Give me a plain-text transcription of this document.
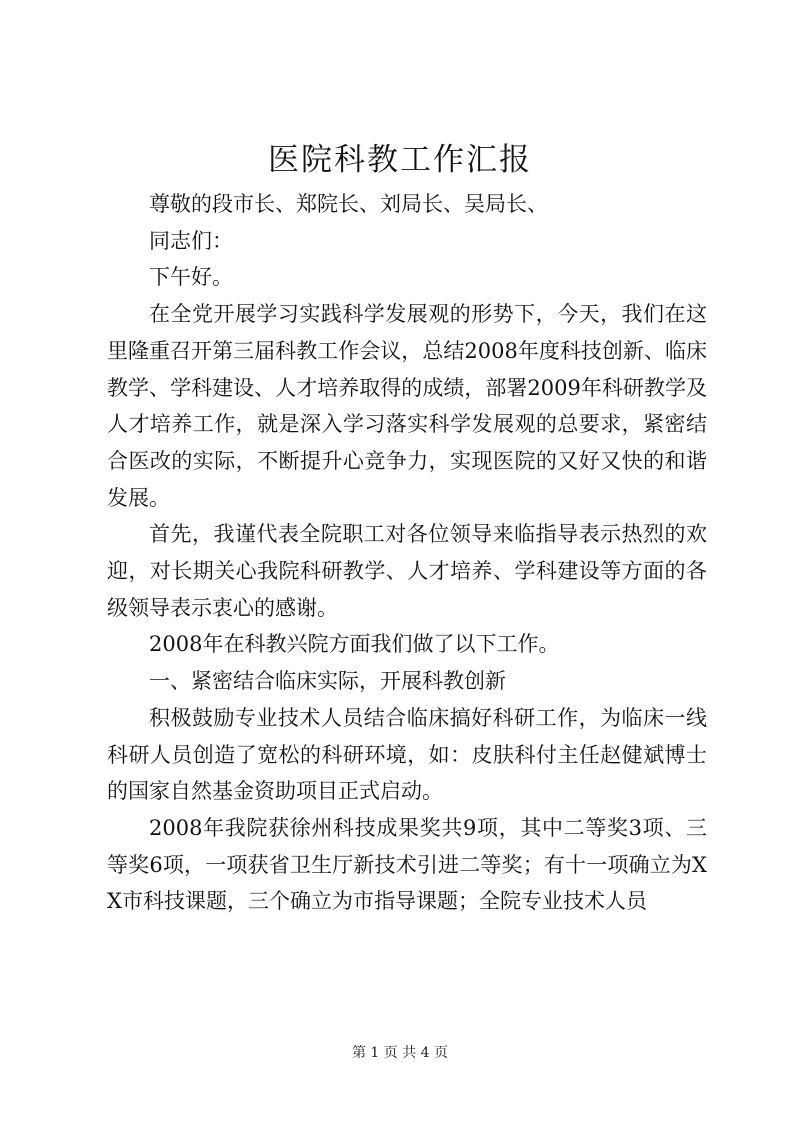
医院科教工作汇报

尊敬的段市长、郑院长、刘局长、吴局长、

同志们：

下午好。

在全党开展学习实践科学发展观的形势下，今天，我们在这里隆重召开第三届科教工作会议，总结2008年度科技创新、临床教学、学科建设、人才培养取得的成绩，部署2009年科研教学及人才培养工作，就是深入学习落实科学发展观的总要求，紧密结合医改的实际，不断提升心竞争力，实现医院的又好又快的和谐发展。

首先，我谨代表全院职工对各位领导来临指导表示热烈的欢迎，对长期关心我院科研教学、人才培养、学科建设等方面的各级领导表示衷心的感谢。

2008年在科教兴院方面我们做了以下工作。

一、紧密结合临床实际，开展科教创新

积极鼓励专业技术人员结合临床搞好科研工作，为临床一线科研人员创造了宽松的科研环境，如：皮肤科付主任赵健斌博士的国家自然基金资助项目正式启动。

2008年我院获徐州科技成果奖共9项，其中二等奖3项、三等奖6项，一项获省卫生厅新技术引进二等奖；有十一项确立为XX市科技课题，三个确立为市指导课题；全院专业技术人员

第 1 页 共 4 页
